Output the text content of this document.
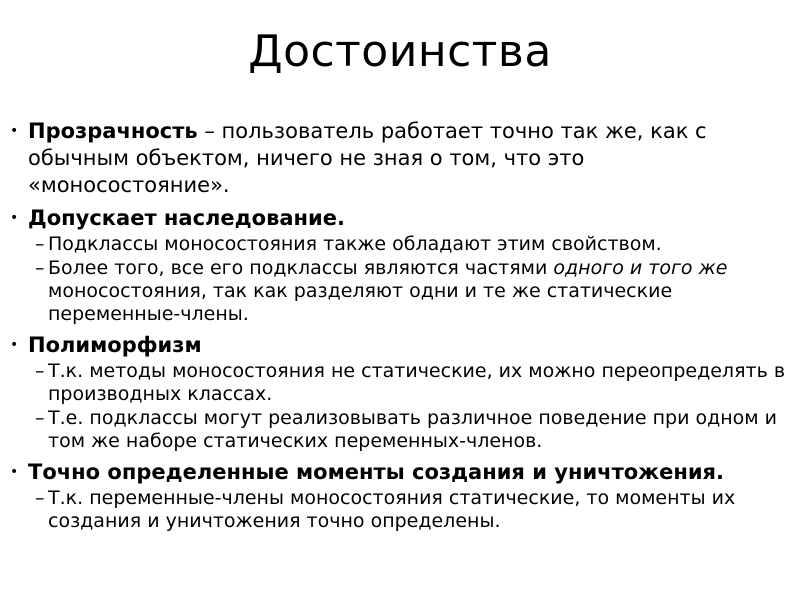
Достоинства
• Прозрачность – пользователь работает точно так же, как с обычным объектом, ничего не зная о том, что это «моносостояние».
• Допускает наследование.
– Подклассы моносостояния также обладают этим свойством.
– Более того, все его подклассы являются частями одного и того же моносостояния, так как разделяют одни и те же статические переменные-члены.
• Полиморфизм
– Т.к. методы моносостояния не статические, их можно переопределять в производных классах.
– Т.е. подклассы могут реализовывать различное поведение при одном и том же наборе статических переменных-членов.
• Точно определенные моменты создания и уничтожения.
– Т.к. переменные-члены моносостояния статические, то моменты их создания и уничтожения точно определены.
